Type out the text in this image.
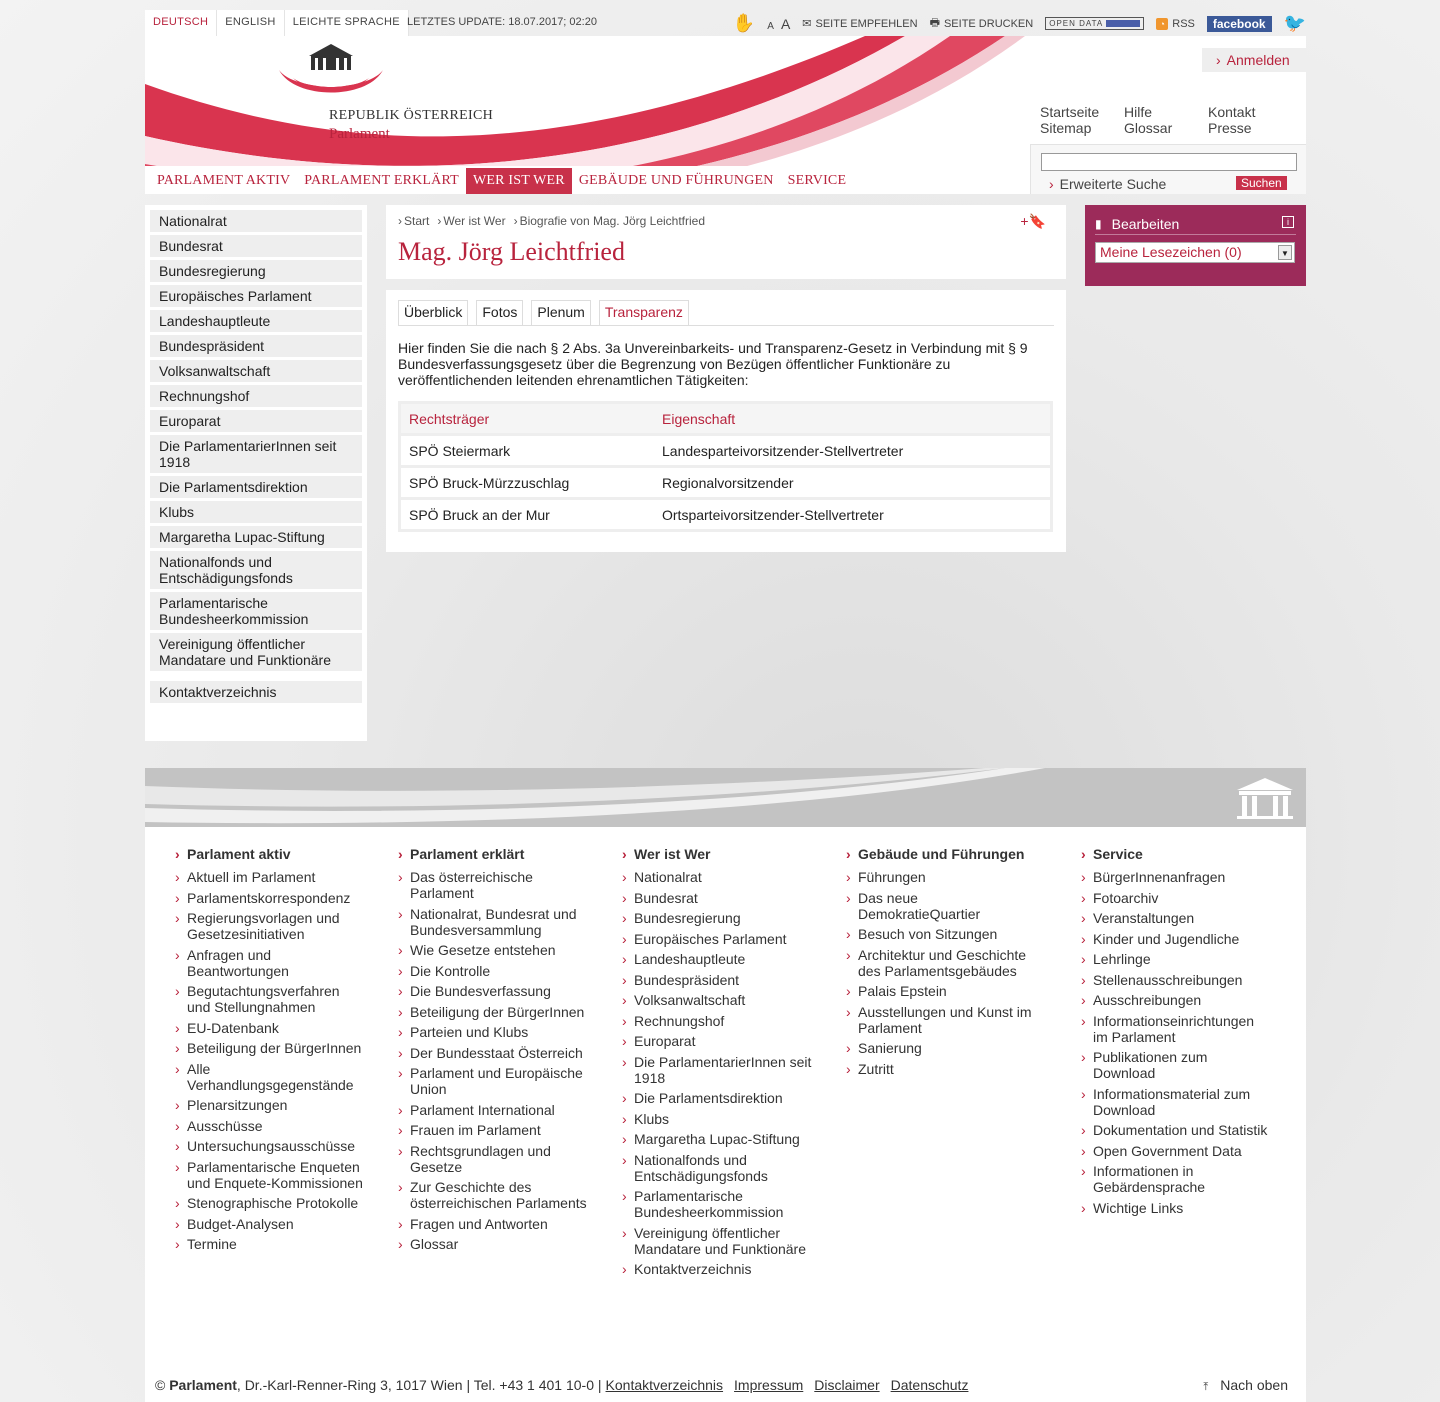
DEUTSCH	ENGLISH	LEICHTE SPRACHE LETZTES UPDATE: 18.07.2017; 02:20	✋ A A ✉ SEITE EMPFEHLEN 🖶 SEITE DRUCKEN OPEN DATA	◔ RSS	facebook	🐦
REPUBLIK ÖSTERREICH
Parlament
› Anmelden
Startseite	Hilfe	Kontakt
Sitemap	Glossar	Presse
› Erweiterte Suche	Suchen
PARLAMENT AKTIV	PARLAMENT ERKLÄRT	WER IST WER	GEBÄUDE UND FÜHRUNGEN	SERVICE
Nationalrat
Bundesrat
Bundesregierung
Europäisches Parlament
Landeshauptleute
Bundespräsident
Volksanwaltschaft
Rechnungshof
Europarat
Die ParlamentarierInnen seit 1918
Die Parlamentsdirektion
Klubs
Margaretha Lupac-Stiftung
Nationalfonds und Entschädigungsfonds
Parlamentarische Bundesheerkommission
Vereinigung öffentlicher Mandatare und Funktionäre
Kontaktverzeichnis
› Start	› Wer ist Wer	› Biografie von Mag. Jörg Leichtfried	+🔖
Mag. Jörg Leichtfried
Überblick	Fotos	Plenum	Transparenz

Hier finden Sie die nach § 2 Abs. 3a Unvereinbarkeits- und Transparenz-Gesetz in Verbindung mit § 9 Bundesverfassungsgesetz über die Begrenzung von Bezügen öffentlicher Funktionäre zu veröffentlichenden leitenden ehrenamtlichen Tätigkeiten:

Rechtsträger	Eigenschaft
SPÖ Steiermark	Landesparteivorsitzender-Stellvertreter
SPÖ Bruck-Mürzzuschlag	Regionalvorsitzender
SPÖ Bruck an der Mur	Ortsparteivorsitzender-Stellvertreter
▮ Bearbeiten	i
Meine Lesezeichen (0)	▼
› Parlament aktiv
› Aktuell im Parlament
› Parlamentskorrespondenz
› Regierungsvorlagen und Gesetzesinitiativen
› Anfragen und Beantwortungen
› Begutachtungsverfahren und Stellungnahmen
› EU-Datenbank
› Beteiligung der BürgerInnen
› Alle Verhandlungsgegenstände
› Plenarsitzungen
› Ausschüsse
› Untersuchungsausschüsse
› Parlamentarische Enqueten und Enquete-Kommissionen
› Stenographische Protokolle
› Budget-Analysen
› Termine
› Parlament erklärt
› Das österreichische Parlament
› Nationalrat, Bundesrat und Bundesversammlung
› Wie Gesetze entstehen
› Die Kontrolle
› Die Bundesverfassung
› Beteiligung der BürgerInnen
› Parteien und Klubs
› Der Bundesstaat Österreich
› Parlament und Europäische Union
› Parlament International
› Frauen im Parlament
› Rechtsgrundlagen und Gesetze
› Zur Geschichte des österreichischen Parlaments
› Fragen und Antworten
› Glossar
› Wer ist Wer
› Nationalrat
› Bundesrat
› Bundesregierung
› Europäisches Parlament
› Landeshauptleute
› Bundespräsident
› Volksanwaltschaft
› Rechnungshof
› Europarat
› Die ParlamentarierInnen seit 1918
› Die Parlamentsdirektion
› Klubs
› Margaretha Lupac-Stiftung
› Nationalfonds und Entschädigungsfonds
› Parlamentarische Bundesheerkommission
› Vereinigung öffentlicher Mandatare und Funktionäre
› Kontaktverzeichnis
› Gebäude und Führungen
› Führungen
› Das neue DemokratieQuartier
› Besuch von Sitzungen
› Architektur und Geschichte des Parlamentsgebäudes
› Palais Epstein
› Ausstellungen und Kunst im Parlament
› Sanierung
› Zutritt
› Service
› BürgerInnenanfragen
› Fotoarchiv
› Veranstaltungen
› Kinder und Jugendliche
› Lehrlinge
› Stellenausschreibungen
› Ausschreibungen
› Informationseinrichtungen im Parlament
› Publikationen zum Download
› Informationsmaterial zum Download
› Dokumentation und Statistik
› Open Government Data
› Informationen in Gebärdensprache
› Wichtige Links
©
Parlament , Dr.-Karl-Renner-Ring 3, 1017 Wien | Tel. +43 1 401 10-0 | Kontaktverzeichnis Impressum Disclaimer Datenschutz	⤒ Nach oben
